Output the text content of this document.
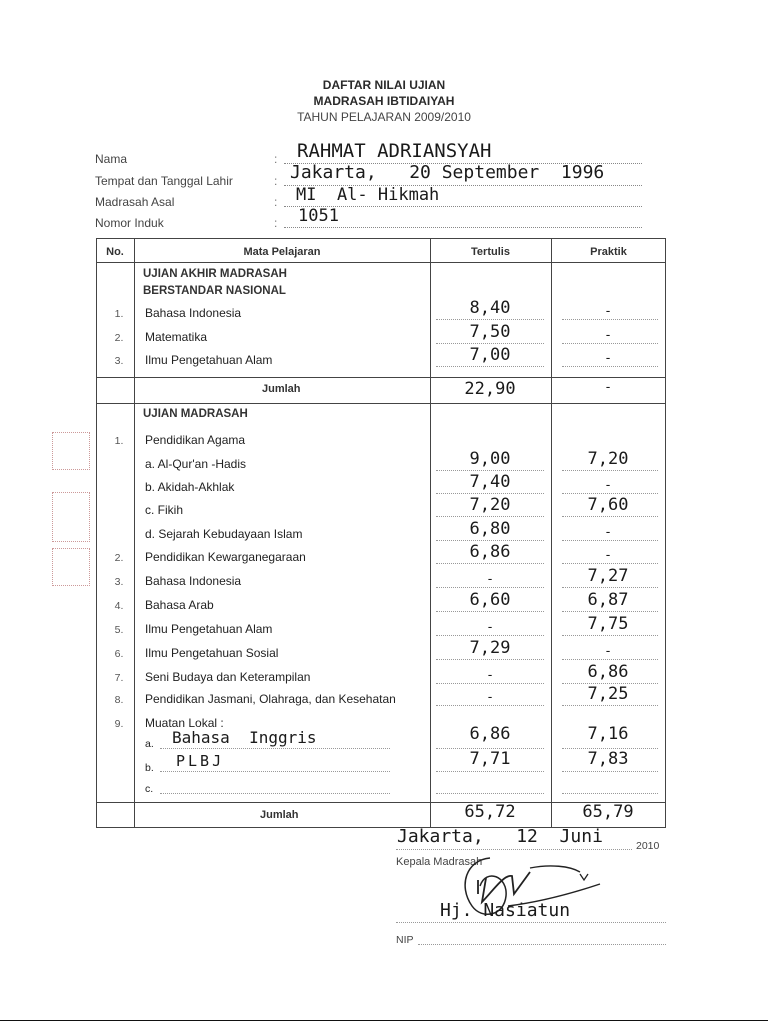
DAFTAR NILAI UJIAN
MADRASAH IBTIDAIYAH
TAHUN PELAJARAN 2009/2010
Nama	: RAHMAT ADRIANSYAH
Tempat dan Tanggal Lahir	: Jakarta,   20 September  1996
Madrasah Asal	: MI  Al- Hikmah
Nomor Induk	: 1051
No.	Mata Pelajaran	Tertulis	Praktik
UJIAN AKHIR MADRASAH
BERSTANDAR NASIONAL
1. Bahasa Indonesia	8,40	-
2. Matematika	7,50	-
3. Ilmu Pengetahuan Alam	7,00	-
Jumlah	22,90	-
UJIAN MADRASAH
1. Pendidikan Agama
a. Al-Qur'an -Hadis	9,00	7,20
b. Akidah-Akhlak	7,40	-
c. Fikih	7,20	7,60
d. Sejarah Kebudayaan Islam	6,80	-
2. Pendidikan Kewarganegaraan	6,86	-
3. Bahasa Indonesia	-	7,27
4. Bahasa Arab	6,60	6,87
5. Ilmu Pengetahuan Alam	-	7,75
6. Ilmu Pengetahuan Sosial	7,29	-
7. Seni Budaya dan Keterampilan	-	6,86
8. Pendidikan Jasmani, Olahraga, dan Kesehatan	-	7,25
9. Muatan Lokal :
a. Bahasa  Inggris	6,86	7,16
b. PLBJ	7,71	7,83
c.
Jumlah	65,72	65,79
Jakarta,   12  Juni	2010
Kepala Madrasah
Hj. Nasiatun
NIP
